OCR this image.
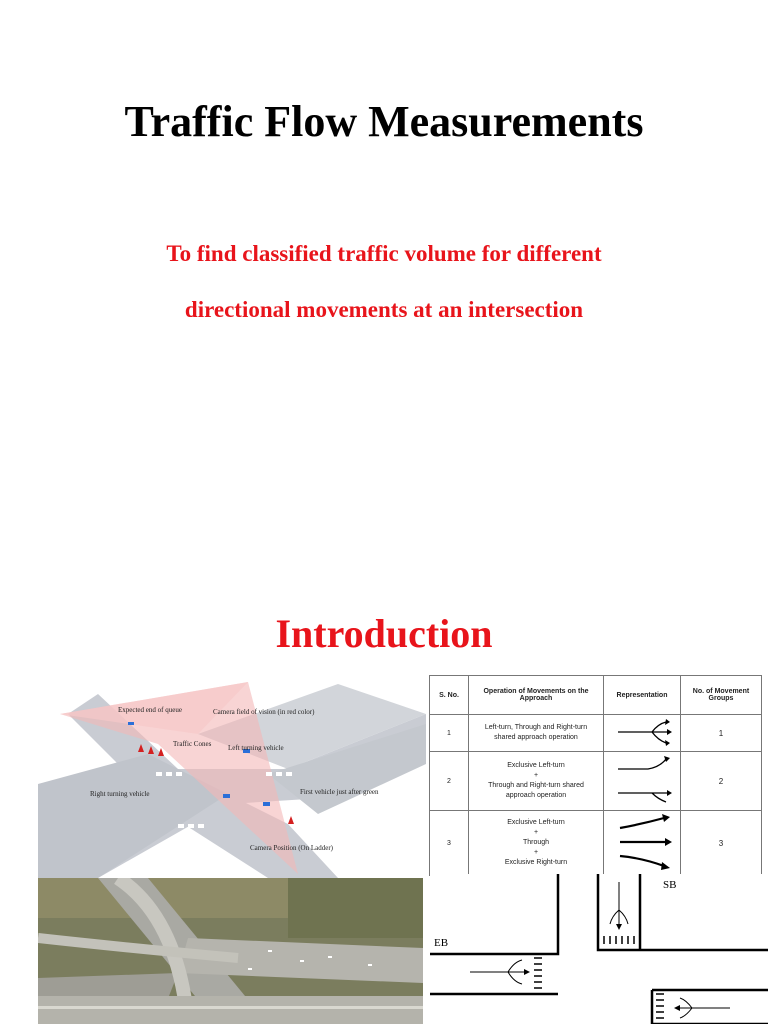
Traffic Flow Measurements
To find classified traffic volume for different
directional movements at an intersection
Introduction
Expected end of queue	Camera field of vision (in red color)
Traffic Cones Left turning vehicle
Right turning vehicle	First vehicle just after green
Camera Position (On Ladder)
S. No.	Operation of Movements on the Approach	Representation	No. of Movement Groups
1	Left-turn, Through and Right-turn
shared approach operation		1
2	Exclusive Left-turn
+
Through and Right-turn shared
approach operation		2
3	Exclusive Left-turn
+
Through
+
Exclusive Right-turn		3
SB
EB
